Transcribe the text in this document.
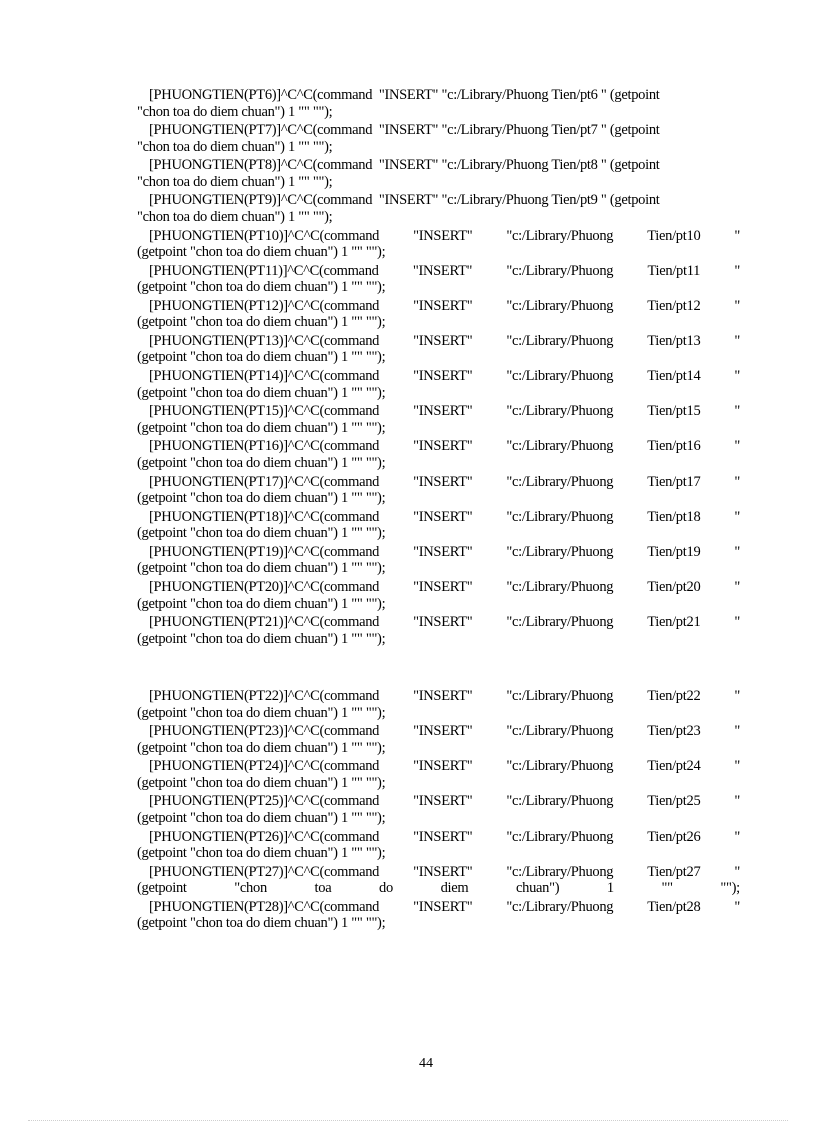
[PHUONGTIEN(PT6)]^C^C(command  "INSERT" "c:/Library/Phuong Tien/pt6 " (getpoint
"chon toa do diem chuan") 1 "" "");
[PHUONGTIEN(PT7)]^C^C(command  "INSERT" "c:/Library/Phuong Tien/pt7 " (getpoint
"chon toa do diem chuan") 1 "" "");
[PHUONGTIEN(PT8)]^C^C(command  "INSERT" "c:/Library/Phuong Tien/pt8 " (getpoint
"chon toa do diem chuan") 1 "" "");
[PHUONGTIEN(PT9)]^C^C(command  "INSERT" "c:/Library/Phuong Tien/pt9 " (getpoint
"chon toa do diem chuan") 1 "" "");
[PHUONGTIEN(PT10)]^C^C(command "INSERT" "c:/Library/Phuong Tien/pt10 "
(getpoint "chon toa do diem chuan") 1 "" "");
[PHUONGTIEN(PT11)]^C^C(command "INSERT" "c:/Library/Phuong Tien/pt11 "
(getpoint "chon toa do diem chuan") 1 "" "");
[PHUONGTIEN(PT12)]^C^C(command "INSERT" "c:/Library/Phuong Tien/pt12 "
(getpoint "chon toa do diem chuan") 1 "" "");
[PHUONGTIEN(PT13)]^C^C(command "INSERT" "c:/Library/Phuong Tien/pt13 "
(getpoint "chon toa do diem chuan") 1 "" "");
[PHUONGTIEN(PT14)]^C^C(command "INSERT" "c:/Library/Phuong Tien/pt14 "
(getpoint "chon toa do diem chuan") 1 "" "");
[PHUONGTIEN(PT15)]^C^C(command "INSERT" "c:/Library/Phuong Tien/pt15 "
(getpoint "chon toa do diem chuan") 1 "" "");
[PHUONGTIEN(PT16)]^C^C(command "INSERT" "c:/Library/Phuong Tien/pt16 "
(getpoint "chon toa do diem chuan") 1 "" "");
[PHUONGTIEN(PT17)]^C^C(command "INSERT" "c:/Library/Phuong Tien/pt17 "
(getpoint "chon toa do diem chuan") 1 "" "");
[PHUONGTIEN(PT18)]^C^C(command "INSERT" "c:/Library/Phuong Tien/pt18 "
(getpoint "chon toa do diem chuan") 1 "" "");
[PHUONGTIEN(PT19)]^C^C(command "INSERT" "c:/Library/Phuong Tien/pt19 "
(getpoint "chon toa do diem chuan") 1 "" "");
[PHUONGTIEN(PT20)]^C^C(command "INSERT" "c:/Library/Phuong Tien/pt20 "
(getpoint "chon toa do diem chuan") 1 "" "");
[PHUONGTIEN(PT21)]^C^C(command "INSERT" "c:/Library/Phuong Tien/pt21 "
(getpoint "chon toa do diem chuan") 1 "" "");
[PHUONGTIEN(PT22)]^C^C(command "INSERT" "c:/Library/Phuong Tien/pt22 "
(getpoint "chon toa do diem chuan") 1 "" "");
[PHUONGTIEN(PT23)]^C^C(command "INSERT" "c:/Library/Phuong Tien/pt23 "
(getpoint "chon toa do diem chuan") 1 "" "");
[PHUONGTIEN(PT24)]^C^C(command "INSERT" "c:/Library/Phuong Tien/pt24 "
(getpoint "chon toa do diem chuan") 1 "" "");
[PHUONGTIEN(PT25)]^C^C(command "INSERT" "c:/Library/Phuong Tien/pt25 "
(getpoint "chon toa do diem chuan") 1 "" "");
[PHUONGTIEN(PT26)]^C^C(command "INSERT" "c:/Library/Phuong Tien/pt26 "
(getpoint "chon toa do diem chuan") 1 "" "");
[PHUONGTIEN(PT27)]^C^C(command "INSERT" "c:/Library/Phuong Tien/pt27 "
(getpoint	"chon	toa	do	diem	chuan")	1	""	"");
[PHUONGTIEN(PT28)]^C^C(command "INSERT" "c:/Library/Phuong Tien/pt28 "
(getpoint "chon toa do diem chuan") 1 "" "");
44
